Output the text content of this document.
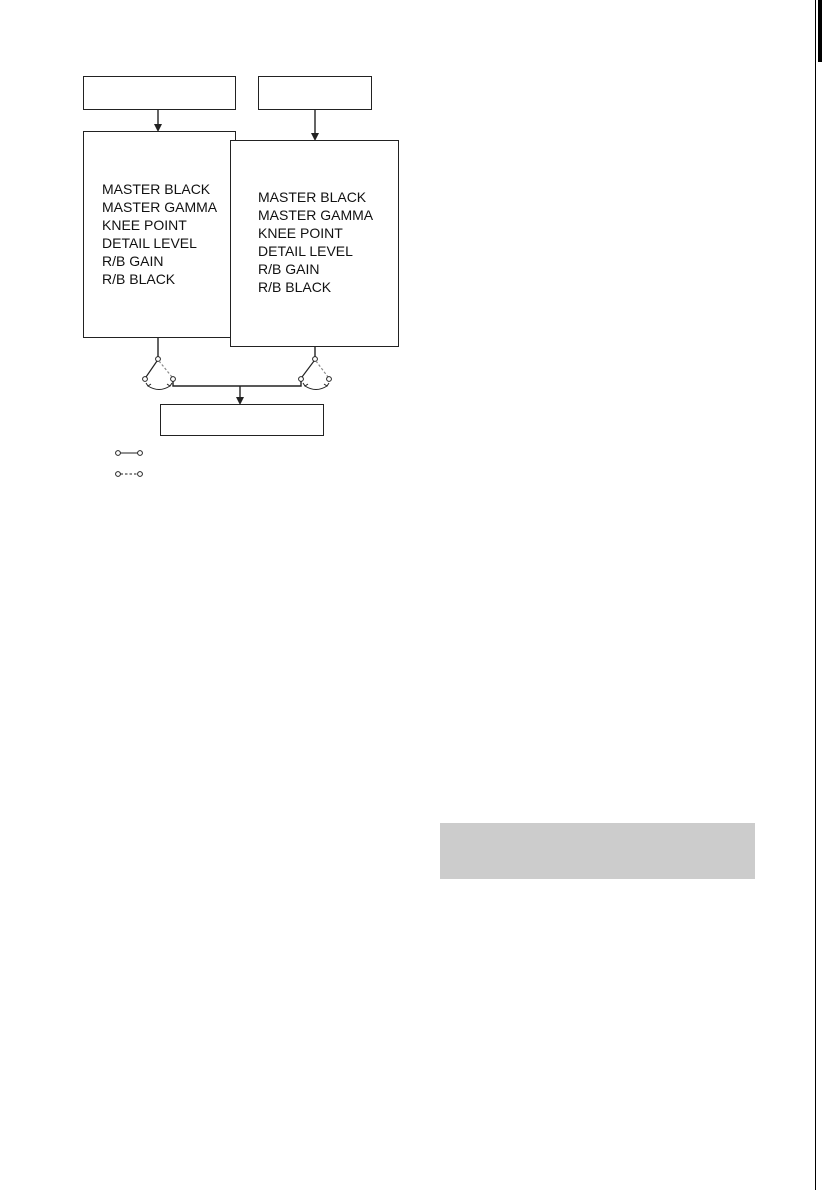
MASTER BLACK
MASTER GAMMA
KNEE POINT
DETAIL LEVEL
R/B GAIN
R/B BLACK
MASTER BLACK
MASTER GAMMA
KNEE POINT
DETAIL LEVEL
R/B GAIN
R/B BLACK
